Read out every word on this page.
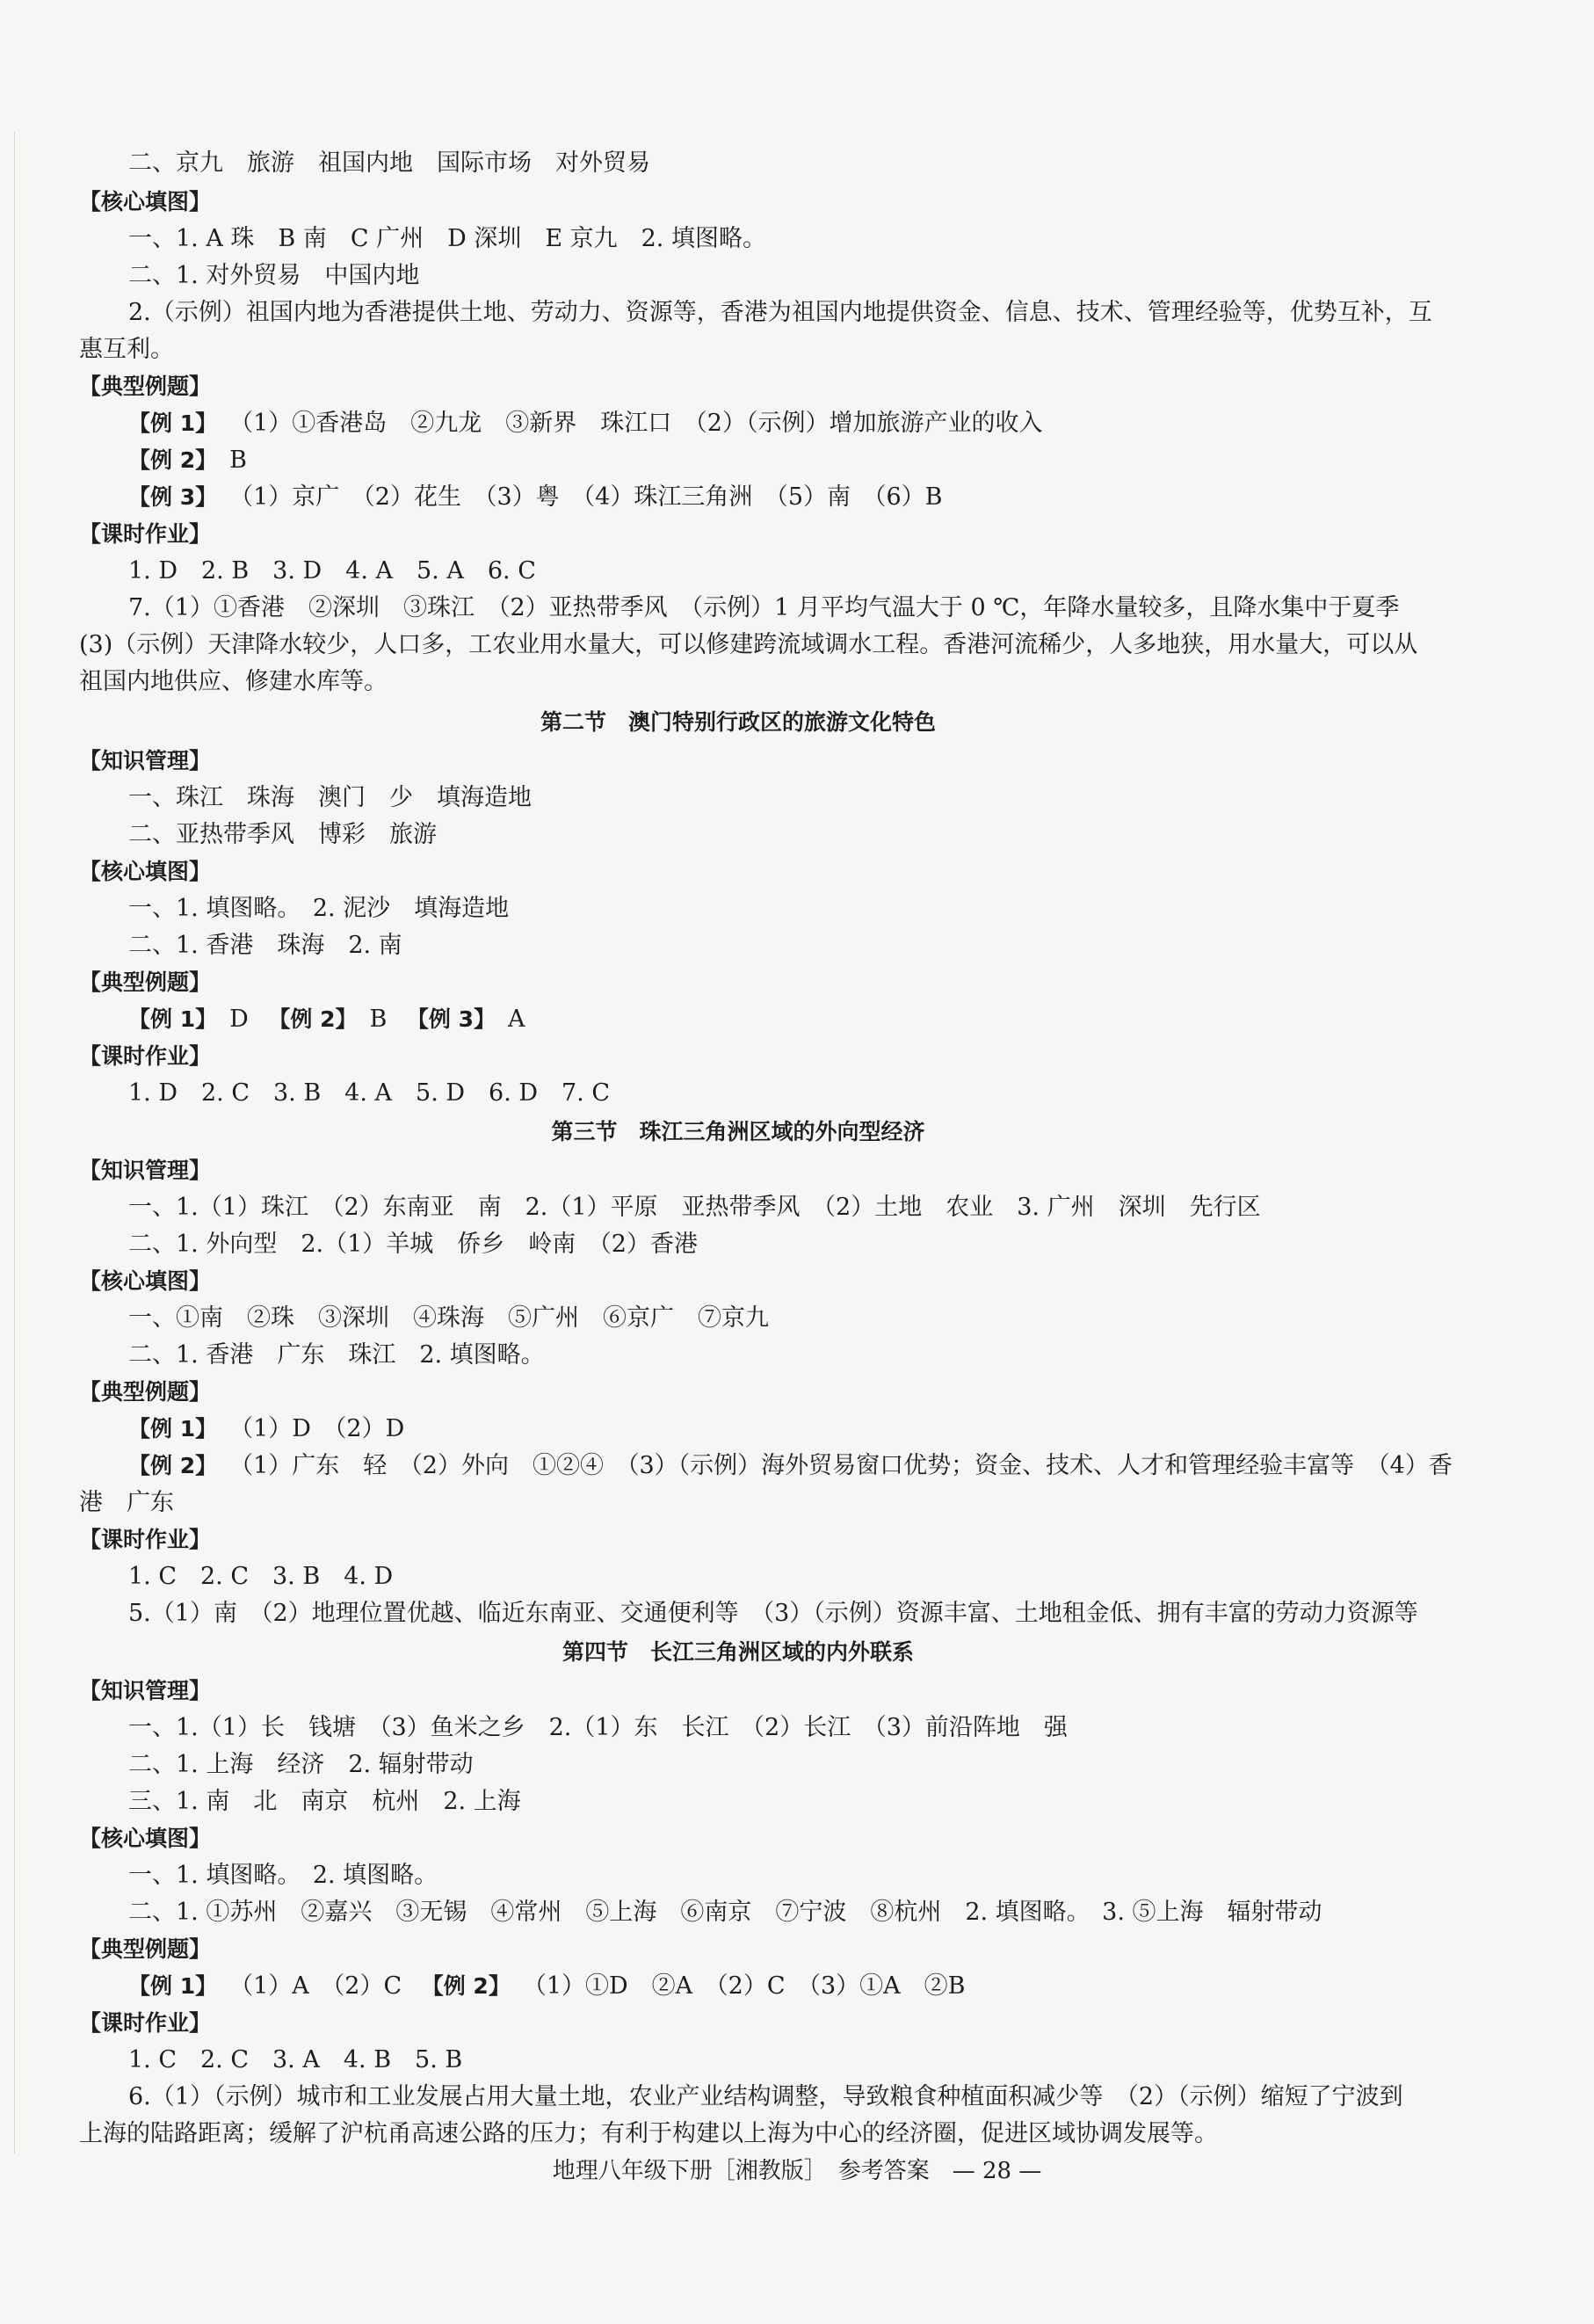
二、京九　旅游　祖国内地　国际市场　对外贸易
【核心填图】
一、1. A 珠　B 南　C 广州　D 深圳　E 京九　2. 填图略。
二、1. 对外贸易　中国内地
2.（示例）祖国内地为香港提供土地、劳动力、资源等，香港为祖国内地提供资金、信息、技术、管理经验等，优势互补，互
惠互利。
【典型例题】
【例 1】 （1）①香港岛　②九龙　③新界　珠江口　（2）（示例）增加旅游产业的收入
【例 2】 B
【例 3】 （1）京广　（2）花生　（3）粤　（4）珠江三角洲　（5）南　（6）B
【课时作业】
1. D　2. B　3. D　4. A　5. A　6. C
7.（1）①香港　②深圳　③珠江　（2）亚热带季风　（示例）1 月平均气温大于 0 ℃，年降水量较多，且降水集中于夏季
(3)（示例）天津降水较少，人口多，工农业用水量大，可以修建跨流域调水工程。香港河流稀少，人多地狭，用水量大，可以从
祖国内地供应、修建水库等。
第二节　澳门特别行政区的旅游文化特色
【知识管理】
一、珠江　珠海　澳门　少　填海造地
二、亚热带季风　博彩　旅游
【核心填图】
一、1. 填图略。　2. 泥沙　填海造地
二、1. 香港　珠海　2. 南
【典型例题】
【例 1】 D 【例 2】 B 【例 3】 A
【课时作业】
1. D　2. C　3. B　4. A　5. D　6. D　7. C
第三节　珠江三角洲区域的外向型经济
【知识管理】
一、1.（1）珠江　（2）东南亚　南　2.（1）平原　亚热带季风　（2）土地　农业　3. 广州　深圳　先行区
二、1. 外向型　2.（1）羊城　侨乡　岭南　（2）香港
【核心填图】
一、①南　②珠　③深圳　④珠海　⑤广州　⑥京广　⑦京九
二、1. 香港　广东　珠江　2. 填图略。
【典型例题】
【例 1】 （1）D　（2）D
【例 2】 （1）广东　轻　（2）外向　①②④　（3）（示例）海外贸易窗口优势；资金、技术、人才和管理经验丰富等　（4）香
港　广东
【课时作业】
1. C　2. C　3. B　4. D
5.（1）南　（2）地理位置优越、临近东南亚、交通便利等　（3）（示例）资源丰富、土地租金低、拥有丰富的劳动力资源等
第四节　长江三角洲区域的内外联系
【知识管理】
一、1.（1）长　钱塘　（3）鱼米之乡　2.（1）东　长江　（2）长江　（3）前沿阵地　强
二、1. 上海　经济　2. 辐射带动
三、1. 南　北　南京　杭州　2. 上海
【核心填图】
一、1. 填图略。　2. 填图略。
二、1. ①苏州　②嘉兴　③无锡　④常州　⑤上海　⑥南京　⑦宁波　⑧杭州　2. 填图略。　3. ⑤上海　辐射带动
【典型例题】
【例 1】 （1）A　（2）C 【例 2】 （1）①D　②A　（2）C　（3）①A　②B
【课时作业】
1. C　2. C　3. A　4. B　5. B
6.（1）（示例）城市和工业发展占用大量土地，农业产业结构调整，导致粮食种植面积减少等　（2）（示例）缩短了宁波到
上海的陆路距离；缓解了沪杭甬高速公路的压力；有利于构建以上海为中心的经济圈，促进区域协调发展等。
地理八年级下册［湘教版］　参考答案　— 28 —
